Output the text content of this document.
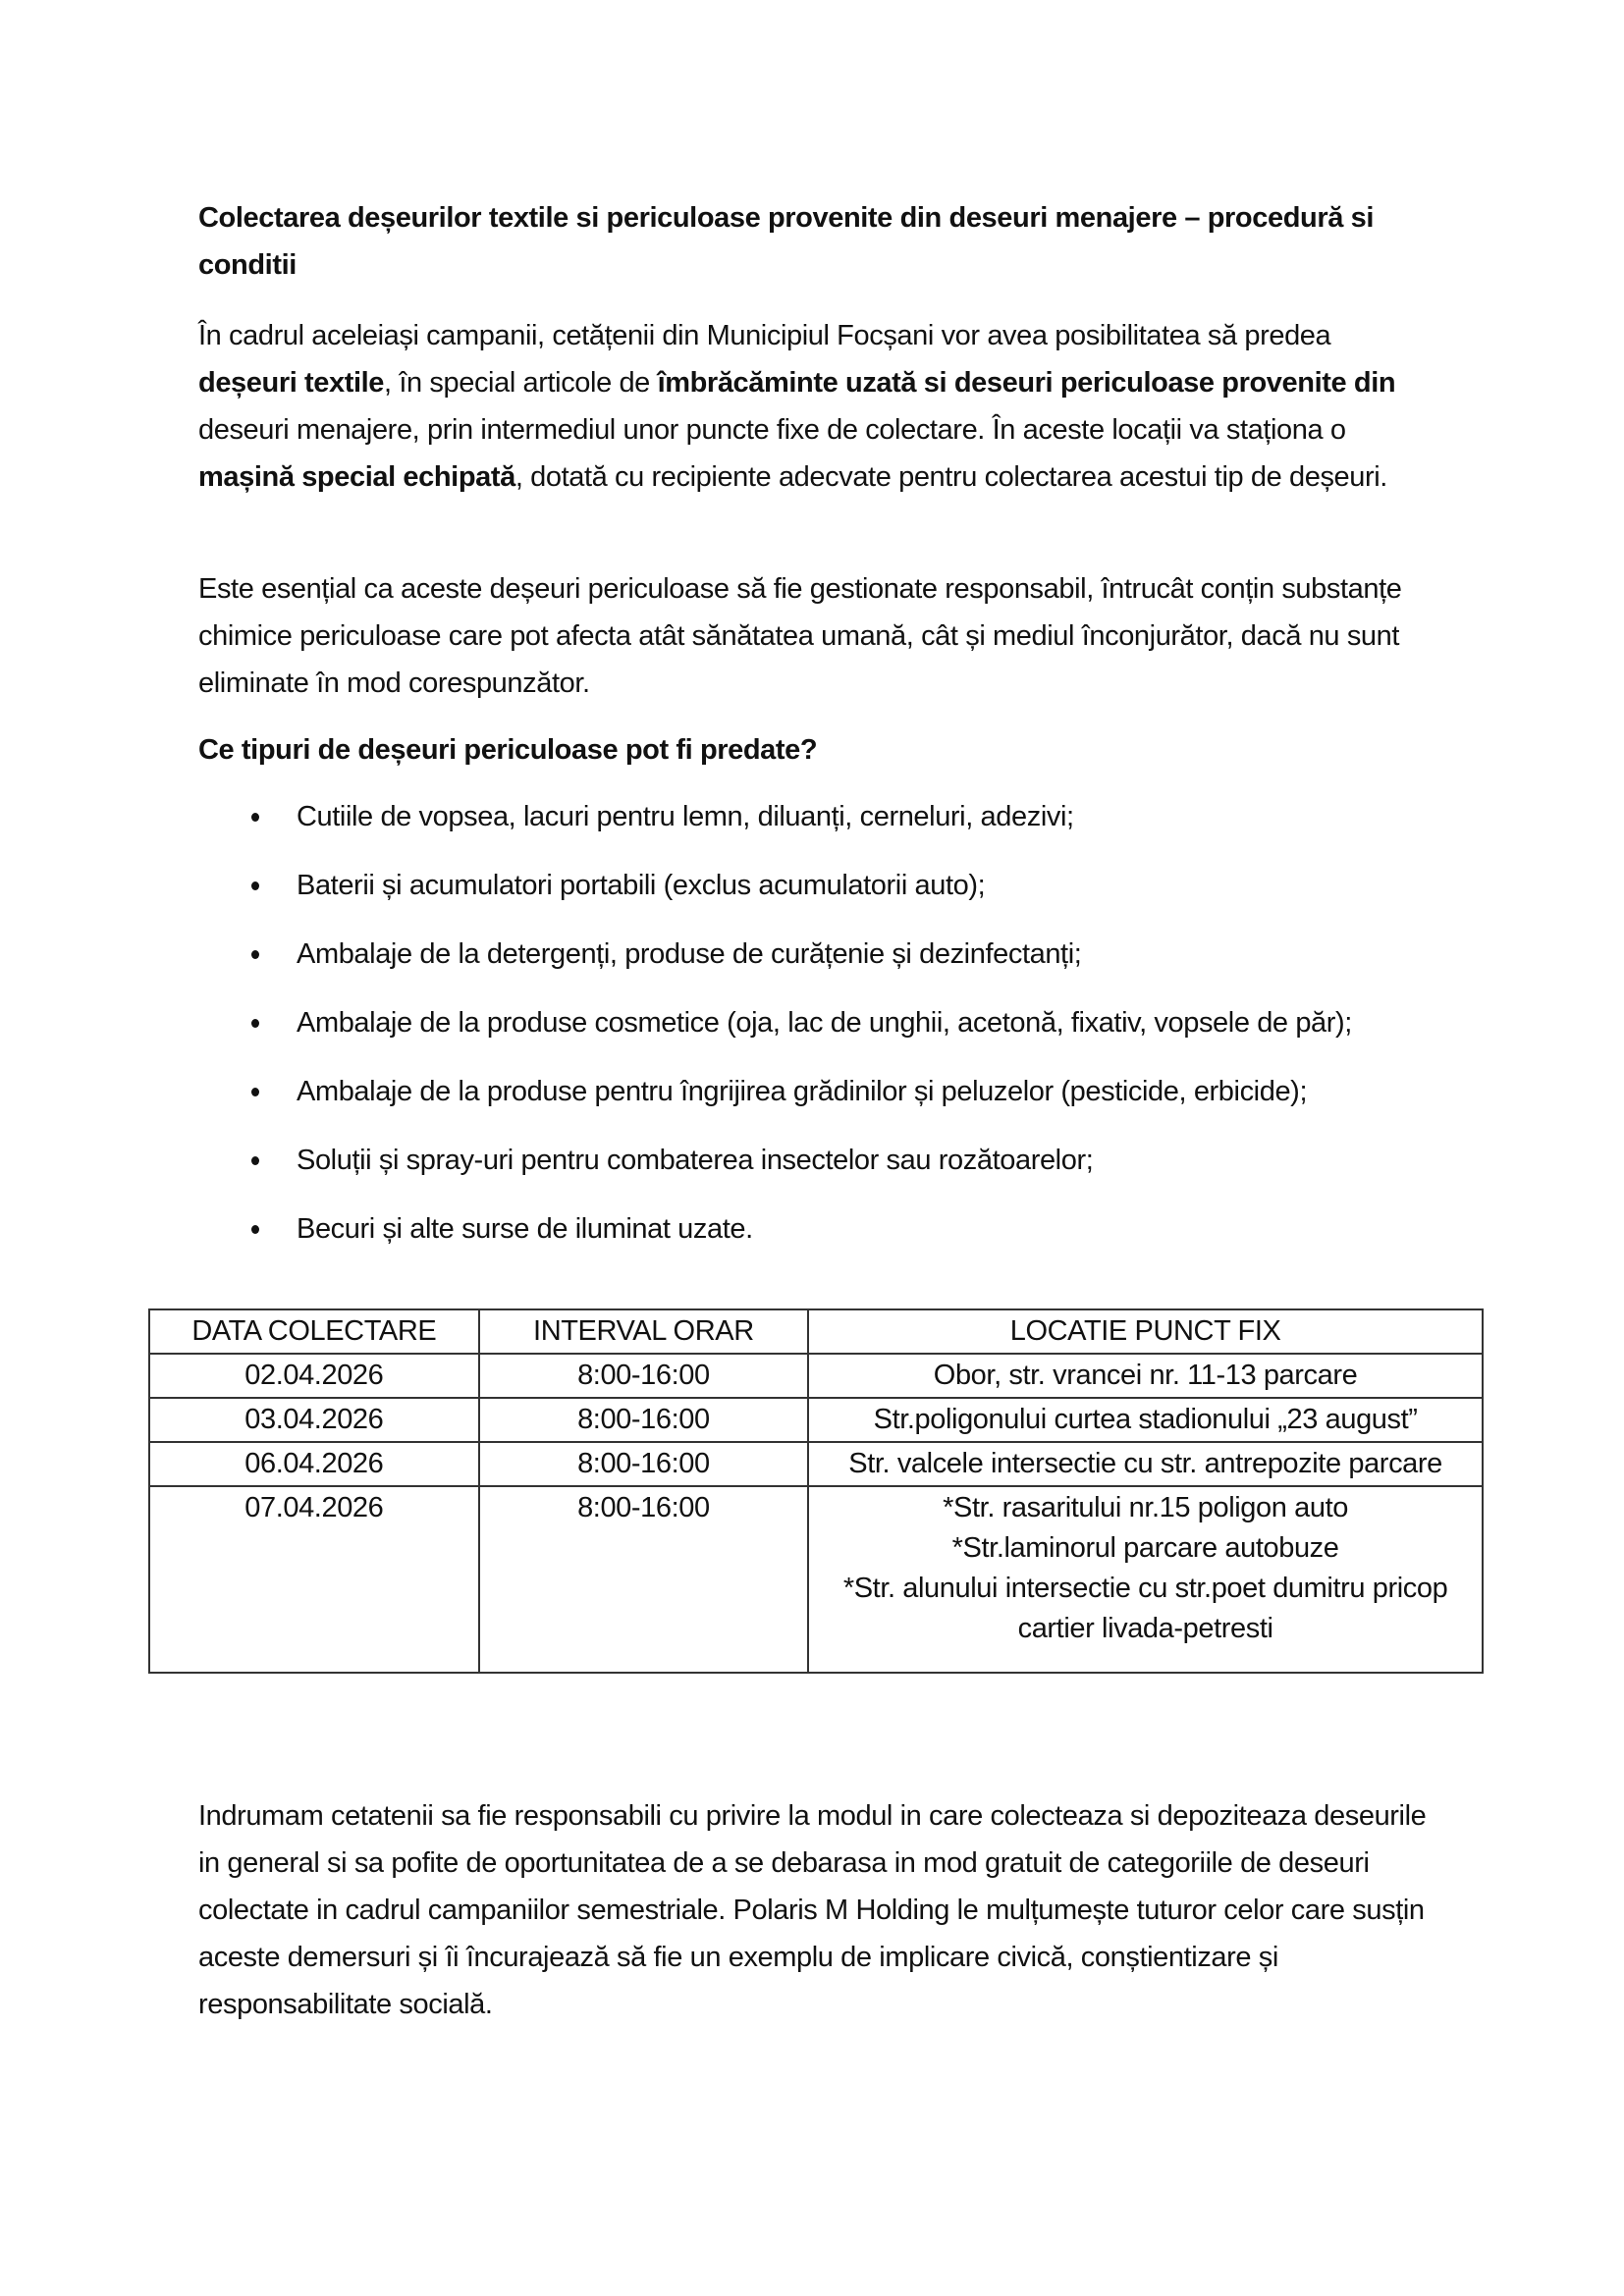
Colectarea deșeurilor textile si periculoase provenite din deseuri menajere – procedură si conditii
În cadrul aceleiași campanii, cetățenii din Municipiul Focșani vor avea posibilitatea să predea deșeuri textile, în special articole de îmbrăcăminte uzată si deseuri periculoase provenite din deseuri menajere, prin intermediul unor puncte fixe de colectare. În aceste locații va staționa o mașină special echipată, dotată cu recipiente adecvate pentru colectarea acestui tip de deșeuri.
Este esențial ca aceste deșeuri periculoase să fie gestionate responsabil, întrucât conțin substanțe chimice periculoase care pot afecta atât sănătatea umană, cât și mediul înconjurător, dacă nu sunt eliminate în mod corespunzător.
Ce tipuri de deșeuri periculoase pot fi predate?
Cutiile de vopsea, lacuri pentru lemn, diluanți, cerneluri, adezivi;
Baterii și acumulatori portabili (exclus acumulatorii auto);
Ambalaje de la detergenți, produse de curățenie și dezinfectanți;
Ambalaje de la produse cosmetice (oja, lac de unghii, acetonă, fixativ, vopsele de păr);
Ambalaje de la produse pentru îngrijirea grădinilor și peluzelor (pesticide, erbicide);
Soluții și spray-uri pentru combaterea insectelor sau rozătoarelor;
Becuri și alte surse de iluminat uzate.
DATA COLECTARE	INTERVAL ORAR	LOCATIE PUNCT FIX
02.04.2026	8:00-16:00	Obor, str. vrancei nr. 11-13 parcare

03.04.2026	8:00-16:00	Str.poligonului curtea stadionului „23 august”

06.04.2026	8:00-16:00	Str. valcele intersectie cu str. antrepozite parcare

07.04.2026	8:00-16:00	*Str. rasaritului nr.15 poligon auto
*Str.laminorul parcare autobuze
*Str. alunului intersectie cu str.poet dumitru pricop cartier livada-petresti
Indrumam cetatenii sa fie responsabili cu privire la modul in care colecteaza si depoziteaza deseurile in general si sa pofite de oportunitatea de a se debarasa in mod gratuit de categoriile de deseuri colectate in cadrul campaniilor semestriale. Polaris M Holding le mulțumește tuturor celor care susțin aceste demersuri și îi încurajează să fie un exemplu de implicare civică, conștientizare și responsabilitate socială.
